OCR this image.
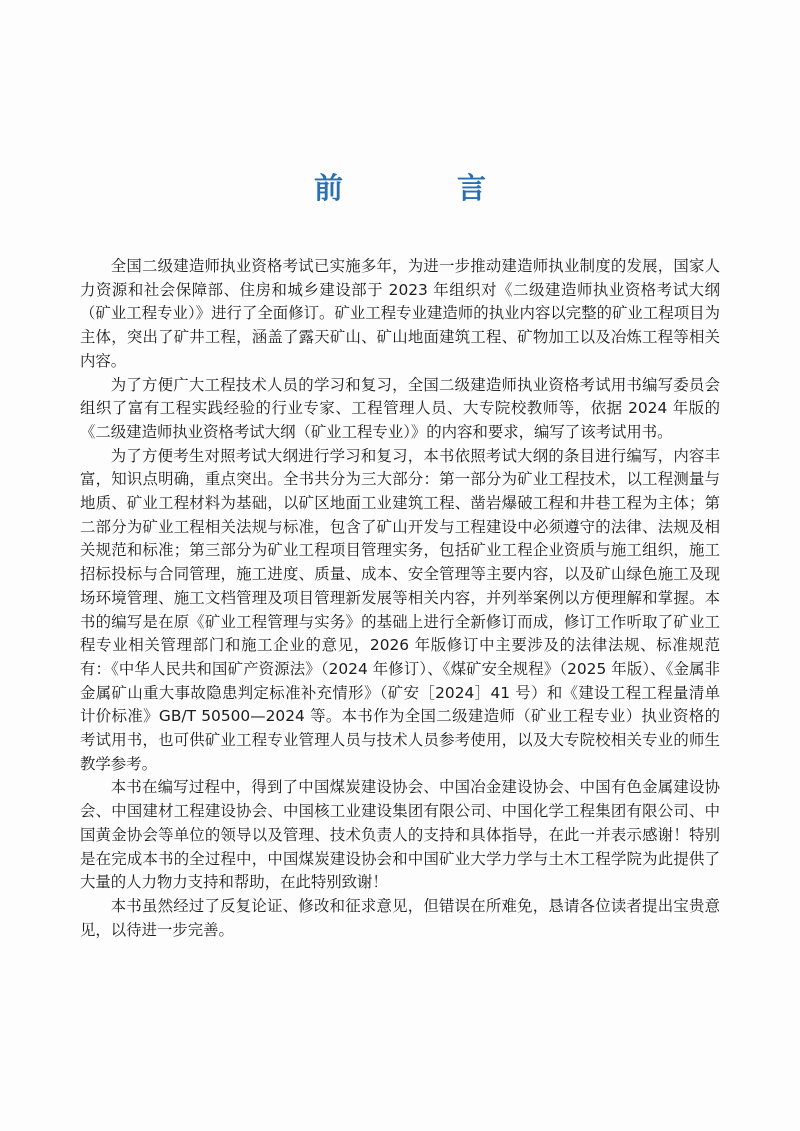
前 言

全国二级建造师执业资格考试已实施多年，为进一步推动建造师执业制度的发展，国家人力资源和社会保障部、住房和城乡建设部于 2023 年组织对《二级建造师执业资格考试大纲（矿业工程专业）》进行了全面修订。矿业工程专业建造师的执业内容以完整的矿业工程项目为主体，突出了矿井工程，涵盖了露天矿山、矿山地面建筑工程、矿物加工以及冶炼工程等相关内容。

为了方便广大工程技术人员的学习和复习，全国二级建造师执业资格考试用书编写委员会组织了富有工程实践经验的行业专家、工程管理人员、大专院校教师等，依据 2024 年版的《二级建造师执业资格考试大纲（矿业工程专业）》的内容和要求，编写了该考试用书。

为了方便考生对照考试大纲进行学习和复习，本书依照考试大纲的条目进行编写，内容丰富，知识点明确，重点突出。全书共分为三大部分：第一部分为矿业工程技术，以工程测量与地质、矿业工程材料为基础，以矿区地面工业建筑工程、凿岩爆破工程和井巷工程为主体；第二部分为矿业工程相关法规与标准，包含了矿山开发与工程建设中必须遵守的法律、法规及相关规范和标准；第三部分为矿业工程项目管理实务，包括矿业工程企业资质与施工组织，施工招标投标与合同管理，施工进度、质量、成本、安全管理等主要内容，以及矿山绿色施工及现场环境管理、施工文档管理及项目管理新发展等相关内容，并列举案例以方便理解和掌握。本书的编写是在原《矿业工程管理与实务》的基础上进行全新修订而成，修订工作听取了矿业工程专业相关管理部门和施工企业的意见，2026 年版修订中主要涉及的法律法规、标准规范有：《中华人民共和国矿产资源法》（2024 年修订）、《煤矿安全规程》（2025 年版）、《金属非金属矿山重大事故隐患判定标准补充情形》（矿安［2024］41 号）和《建设工程工程量清单计价标准》GB/T 50500—2024 等。本书作为全国二级建造师（矿业工程专业）执业资格的考试用书，也可供矿业工程专业管理人员与技术人员参考使用，以及大专院校相关专业的师生教学参考。

本书在编写过程中，得到了中国煤炭建设协会、中国冶金建设协会、中国有色金属建设协会、中国建材工程建设协会、中国核工业建设集团有限公司、中国化学工程集团有限公司、中国黄金协会等单位的领导以及管理、技术负责人的支持和具体指导，在此一并表示感谢！特别是在完成本书的全过程中，中国煤炭建设协会和中国矿业大学力学与土木工程学院为此提供了大量的人力物力支持和帮助，在此特别致谢！

本书虽然经过了反复论证、修改和征求意见，但错误在所难免，恳请各位读者提出宝贵意见，以待进一步完善。
